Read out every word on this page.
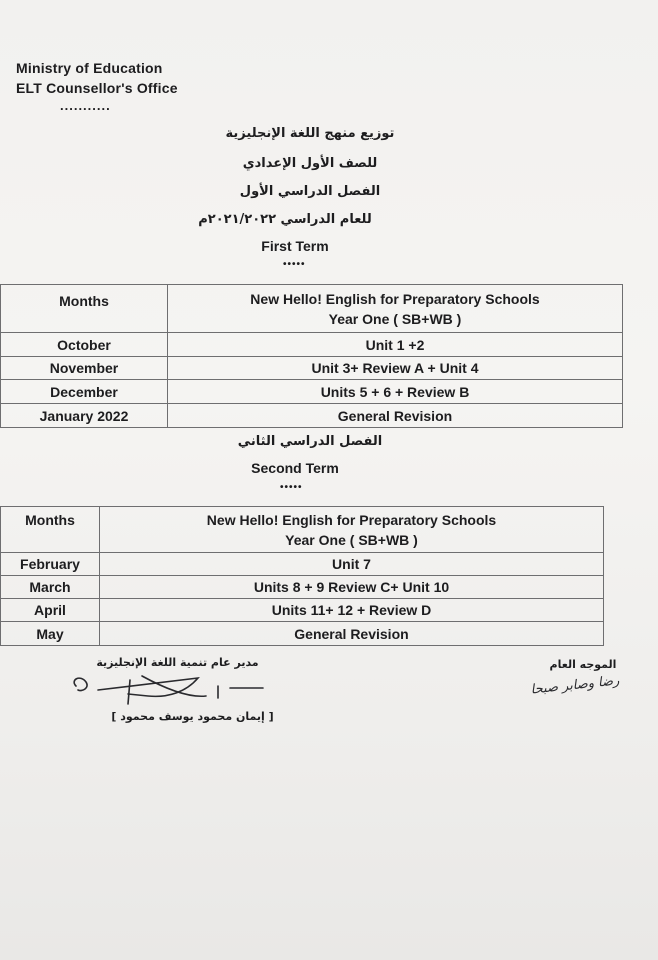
Ministry of Education
ELT Counsellor's Office
...........
توزيع منهج اللغة الإنجليزية
للصف الأول الإعدادي
الفصل الدراسي الأول
للعام الدراسي ٢٠٢١/٢٠٢٢م
First Term
•••••
Months	New Hello! English for Preparatory Schools
Year One ( SB+WB )

October	Unit 1 +2
November	Unit 3+ Review A + Unit 4
December	Units 5 + 6 + Review B
January 2022	General Revision
الفصل الدراسي الثاني
Second Term
•••••
Months	New Hello! English for Preparatory Schools
Year One ( SB+WB )

February	Unit 7
March	Units 8 + 9 Review C+ Unit 10
April	Units 11+ 12 + Review D
May	General Revision
مدير عام تنمية اللغة الإنجليزية
[ إيمان محمود يوسف محمود ]
الموجه العام
رضا وصابر صبحا
